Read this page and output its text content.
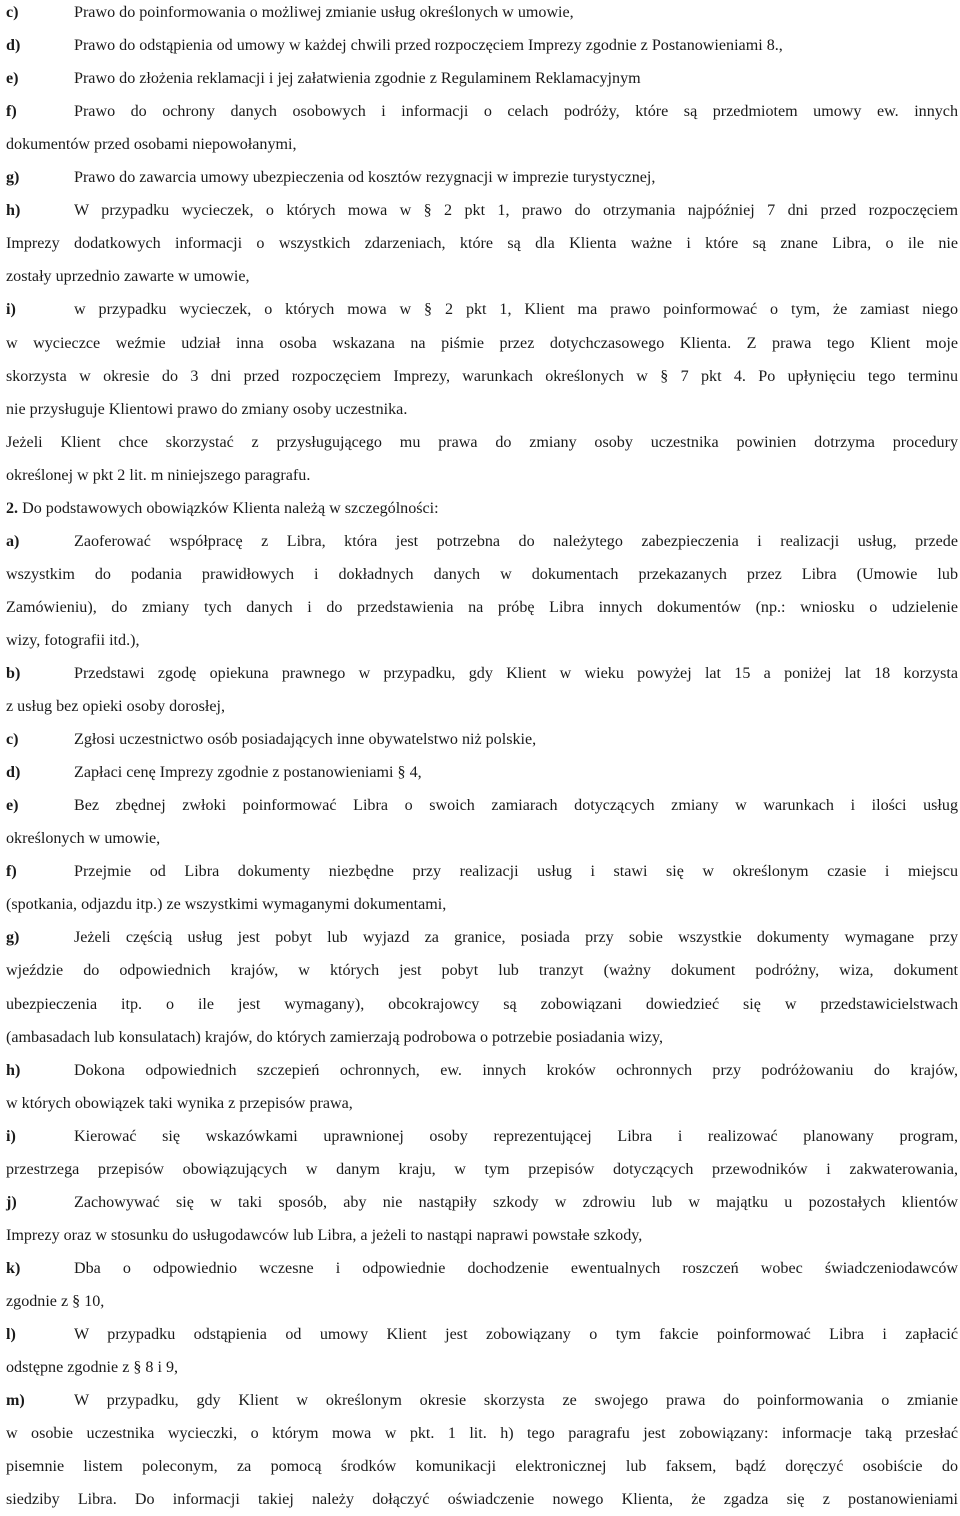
c)	Prawo do poinformowania o możliwej zmianie usług określonych w umowie,
d)	Prawo do odstąpienia od umowy w każdej chwili przed rozpoczęciem Imprezy zgodnie z Postanowieniami 8.,
e)	Prawo do złożenia reklamacji i jej załatwienia zgodnie z Regulaminem Reklamacyjnym
f)	Prawo do ochrony danych osobowych i informacji o celach podróży, które są przedmiotem umowy ew. innych
dokumentów przed osobami niepowołanymi,
g)	Prawo do zawarcia umowy ubezpieczenia od kosztów rezygnacji w imprezie turystycznej,
h)	W przypadku wycieczek, o których mowa w § 2 pkt 1, prawo do otrzymania najpóźniej 7 dni przed rozpoczęciem
Imprezy dodatkowych informacji o wszystkich zdarzeniach, które są dla Klienta ważne i które są znane Libra, o ile nie
zostały uprzednio zawarte w umowie,
i)	w przypadku wycieczek, o których mowa w § 2 pkt 1, Klient ma prawo poinformować o tym, że zamiast niego
w wycieczce weźmie udział inna osoba wskazana na piśmie przez dotychczasowego Klienta. Z prawa tego Klient moje
skorzysta w okresie do 3 dni przed rozpoczęciem Imprezy, warunkach określonych w § 7 pkt 4. Po upłynięciu tego terminu
nie przysługuje Klientowi prawo do zmiany osoby uczestnika.
Jeżeli Klient chce skorzystać z przysługującego mu prawa do zmiany osoby uczestnika powinien dotrzyma procedury
określonej w pkt 2 lit. m niniejszego paragrafu.
2. Do podstawowych obowiązków Klienta należą w szczególności:
a)	Zaoferować współpracę z Libra, która jest potrzebna do należytego zabezpieczenia i realizacji usług, przede
wszystkim do podania prawidłowych i dokładnych danych w dokumentach przekazanych przez Libra (Umowie lub
Zamówieniu), do zmiany tych danych i do przedstawienia na próbę Libra innych dokumentów (np.: wniosku o udzielenie
wizy, fotografii itd.),
b)	Przedstawi zgodę opiekuna prawnego w przypadku, gdy Klient w wieku powyżej lat 15 a poniżej lat 18 korzysta
z usług bez opieki osoby dorosłej,
c)	Zgłosi uczestnictwo osób posiadających inne obywatelstwo niż polskie,
d)	Zapłaci cenę Imprezy zgodnie z postanowieniami § 4,
e)	Bez zbędnej zwłoki poinformować Libra o swoich zamiarach dotyczących zmiany w warunkach i ilości usług
określonych w umowie,
f)	Przejmie od Libra dokumenty niezbędne przy realizacji usług i stawi się w określonym czasie i miejscu
(spotkania, odjazdu itp.) ze wszystkimi wymaganymi dokumentami,
g)	Jeżeli częścią usług jest pobyt lub wyjazd za granice, posiada przy sobie wszystkie dokumenty wymagane przy
wjeździe do odpowiednich krajów, w których jest pobyt lub tranzyt (ważny dokument podróżny, wiza, dokument
ubezpieczenia itp. o ile jest wymagany), obcokrajowcy są zobowiązani dowiedzieć się w przedstawicielstwach
(ambasadach lub konsulatach) krajów, do których zamierzają podrobowa o potrzebie posiadania wizy,
h)	Dokona odpowiednich szczepień ochronnych, ew. innych kroków ochronnych przy podróżowaniu do krajów,
w których obowiązek taki wynika z przepisów prawa,
i)	Kierować się wskazówkami uprawnionej osoby reprezentującej Libra i realizować planowany program,
przestrzega przepisów obowiązujących w danym kraju, w tym przepisów dotyczących przewodników i zakwaterowania,
j)	Zachowywać się w taki sposób, aby nie nastąpiły szkody w zdrowiu lub w majątku u pozostałych klientów
Imprezy oraz w stosunku do usługodawców lub Libra, a jeżeli to nastąpi naprawi powstałe szkody,
k)	Dba o odpowiednio wczesne i odpowiednie dochodzenie ewentualnych roszczeń wobec świadczeniodawców
zgodnie z § 10,
l)	W przypadku odstąpienia od umowy Klient jest zobowiązany o tym fakcie poinformować Libra i zapłacić
odstępne zgodnie z § 8 i 9,
m)	W przypadku, gdy Klient w określonym okresie skorzysta ze swojego prawa do poinformowania o zmianie
w osobie uczestnika wycieczki, o którym mowa w pkt. 1 lit. h) tego paragrafu jest zobowiązany: informacje taką przesłać
pisemnie listem poleconym, za pomocą środków komunikacji elektronicznej lub faksem, bądź doręczyć osobiście do
siedziby Libra. Do informacji takiej należy dołączyć oświadczenie nowego Klienta, że zgadza się z postanowieniami
